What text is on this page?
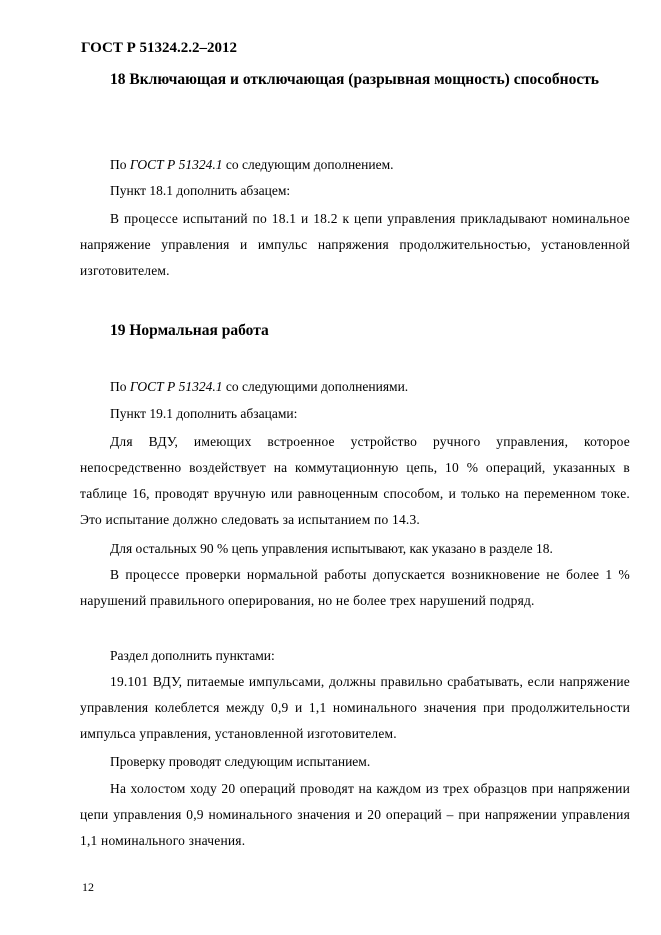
ГОСТ Р 51324.2.2–2012
18 Включающая и отключающая (разрывная мощность) способность
По ГОСТ Р 51324.1 со следующим дополнением.
Пункт 18.1 дополнить абзацем:
В процессе испытаний по 18.1 и 18.2 к цепи управления прикладывают номинальное напряжение управления и импульс напряжения продолжительностью, установленной изготовителем.
19 Нормальная работа
По ГОСТ Р 51324.1 со следующими дополнениями.
Пункт 19.1 дополнить абзацами:
Для ВДУ, имеющих встроенное устройство ручного управления, которое непосредственно воздействует на коммутационную цепь, 10 % операций, указанных в таблице 16, проводят вручную или равноценным способом, и только на переменном токе. Это испытание должно следовать за испытанием по 14.3.
Для остальных 90 % цепь управления испытывают, как указано в разделе 18.
В процессе проверки нормальной работы допускается возникновение не более 1 % нарушений правильного оперирования, но не более трех нарушений подряд.
Раздел дополнить пунктами:
19.101 ВДУ, питаемые импульсами, должны правильно срабатывать, если напряжение управления колеблется между 0,9 и 1,1 номинального значения при продолжительности импульса управления, установленной изготовителем.
Проверку проводят следующим испытанием.
На холостом ходу 20 операций проводят на каждом из трех образцов при напряжении цепи управления 0,9 номинального значения и 20 операций – при напряжении управления 1,1 номинального значения.
12
